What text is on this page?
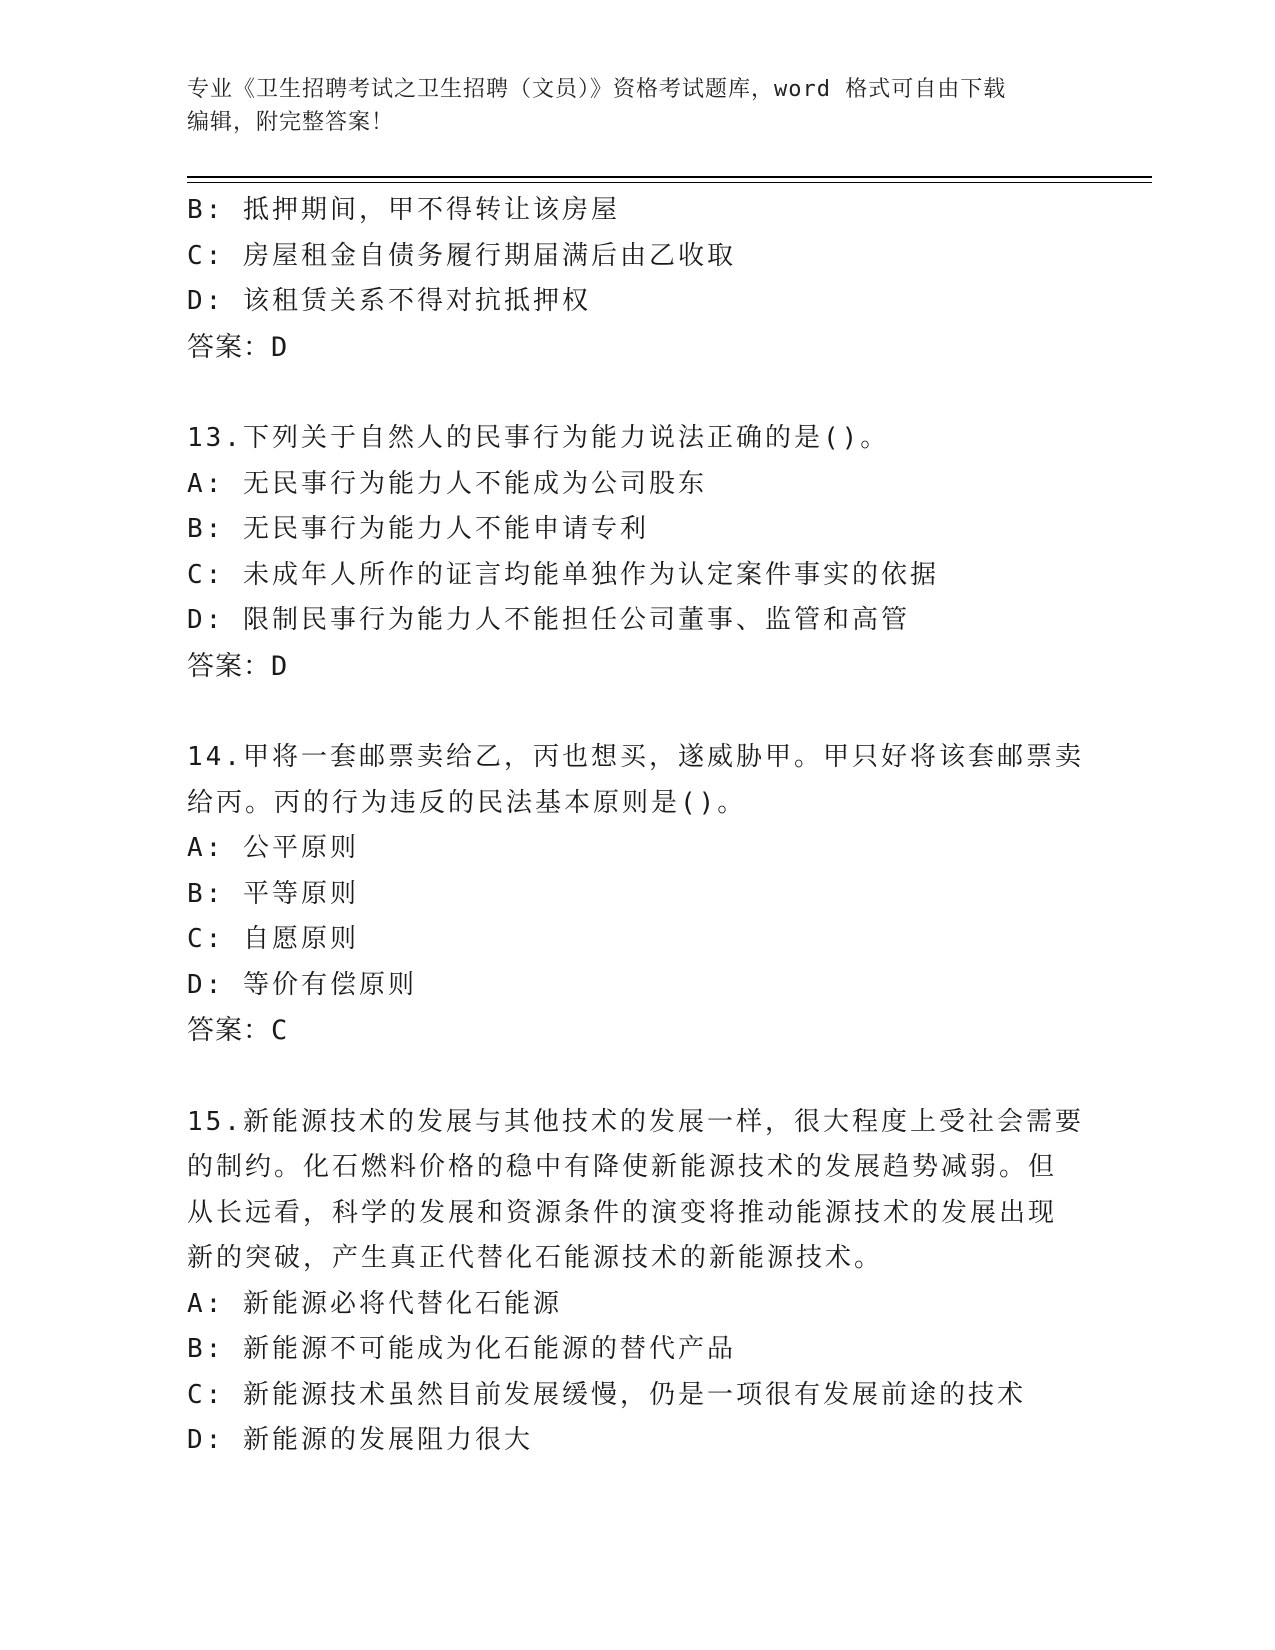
专业《卫生招聘考试之卫生招聘（文员）》资格考试题库，word 格式可自由下载
编辑，附完整答案！
B: 抵押期间，甲不得转让该房屋
C: 房屋租金自债务履行期届满后由乙收取
D: 该租赁关系不得对抗抵押权
答案：D
13.下列关于自然人的民事行为能力说法正确的是()。
A: 无民事行为能力人不能成为公司股东
B: 无民事行为能力人不能申请专利
C: 未成年人所作的证言均能单独作为认定案件事实的依据
D: 限制民事行为能力人不能担任公司董事、监管和高管
答案：D
14.甲将一套邮票卖给乙，丙也想买，遂威胁甲。甲只好将该套邮票卖
给丙。丙的行为违反的民法基本原则是()。
A: 公平原则
B: 平等原则
C: 自愿原则
D: 等价有偿原则
答案：C
15.新能源技术的发展与其他技术的发展一样，很大程度上受社会需要
的制约。化石燃料价格的稳中有降使新能源技术的发展趋势减弱。但
从长远看，科学的发展和资源条件的演变将推动能源技术的发展出现
新的突破，产生真正代替化石能源技术的新能源技术。
A: 新能源必将代替化石能源
B: 新能源不可能成为化石能源的替代产品
C: 新能源技术虽然目前发展缓慢，仍是一项很有发展前途的技术
D: 新能源的发展阻力很大
